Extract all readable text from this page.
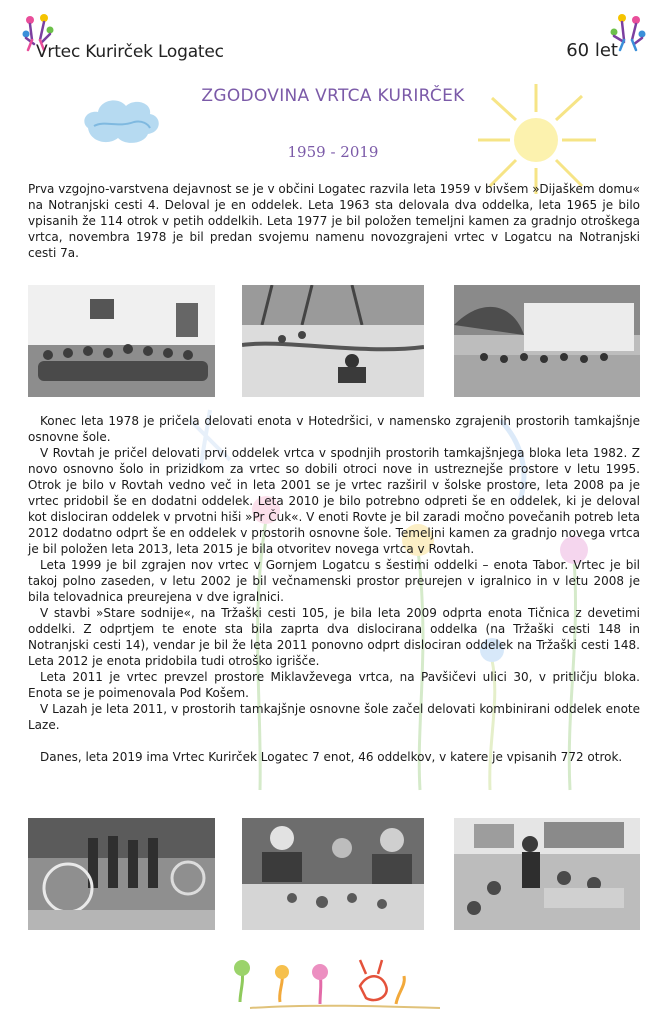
Vrtec Kurirček Logatec	60 let
ZGODOVINA VRTCA KURIRČEK
1959 - 2019
Prva vzgojno-varstvena dejavnost se je v občini Logatec razvila leta 1959 v bivšem »Dijaškem domu« na Notranjski cesti 4. Deloval je en oddelek. Leta 1963 sta delovala dva oddelka, leta 1965 je bilo vpisanih že 114 otrok v petih oddelkih. Leta 1977 je bil položen temeljni kamen za gradnjo otroškega vrtca, novembra 1978 je bil predan svojemu namenu novozgrajeni vrtec v Logatcu na Notranjski cesti 7a.

Konec leta 1978 je pričela delovati enota v Hotedršici, v namensko zgrajenih prostorih tamkajšnje osnovne šole.

V Rovtah je pričel delovati prvi oddelek vrtca v spodnjih prostorih tamkajšnjega bloka leta 1982. Z novo osnovno šolo in prizidkom za vrtec so dobili otroci nove in ustreznejše prostore v letu 1995. Otrok je bilo v Rovtah vedno več in leta 2001 se je vrtec razširil v šolske prostore, leta 2008 pa je vrtec pridobil še en dodatni oddelek. Leta 2010 je bilo potrebno odpreti še en oddelek, ki je deloval kot dislociran oddelek v prvotni hiši »Pr Čuk«. V enoti Rovte je bil zaradi močno povečanih potreb leta 2012 dodatno odprt še en oddelek v prostorih osnovne šole. Temeljni kamen za gradnjo novega vrtca je bil položen leta 2013, leta 2015 je bila otvoritev novega vrtca v Rovtah.

Leta 1999 je bil zgrajen nov vrtec v Gornjem Logatcu s šestimi oddelki – enota Tabor. Vrtec je bil takoj polno zaseden, v letu 2002 je bil večnamenski prostor preurejen v igralnico in v letu 2008 je bila telovadnica preurejena v dve igralnici.

V stavbi »Stare sodnije«, na Tržaški cesti 105, je bila leta 2009 odprta enota Tičnica z devetimi oddelki. Z odprtjem te enote sta bila zaprta dva dislocirana oddelka (na Tržaški cesti 148 in Notranjski cesti 14), vendar je bil že leta 2011 ponovno odprt dislociran oddelek na Tržaški cesti 148. Leta 2012 je enota pridobila tudi otroško igrišče.

Leta 2011 je vrtec prevzel prostore Miklavževega vrtca, na Pavšičevi ulici 30, v pritličju bloka. Enota se je poimenovala Pod Košem.

V Lazah je leta 2011, v prostorih tamkajšnje osnovne šole začel delovati kombinirani oddelek enote Laze.

Danes, leta 2019 ima Vrtec Kurirček Logatec 7 enot, 46 oddelkov, v katere je vpisanih 772 otrok.
